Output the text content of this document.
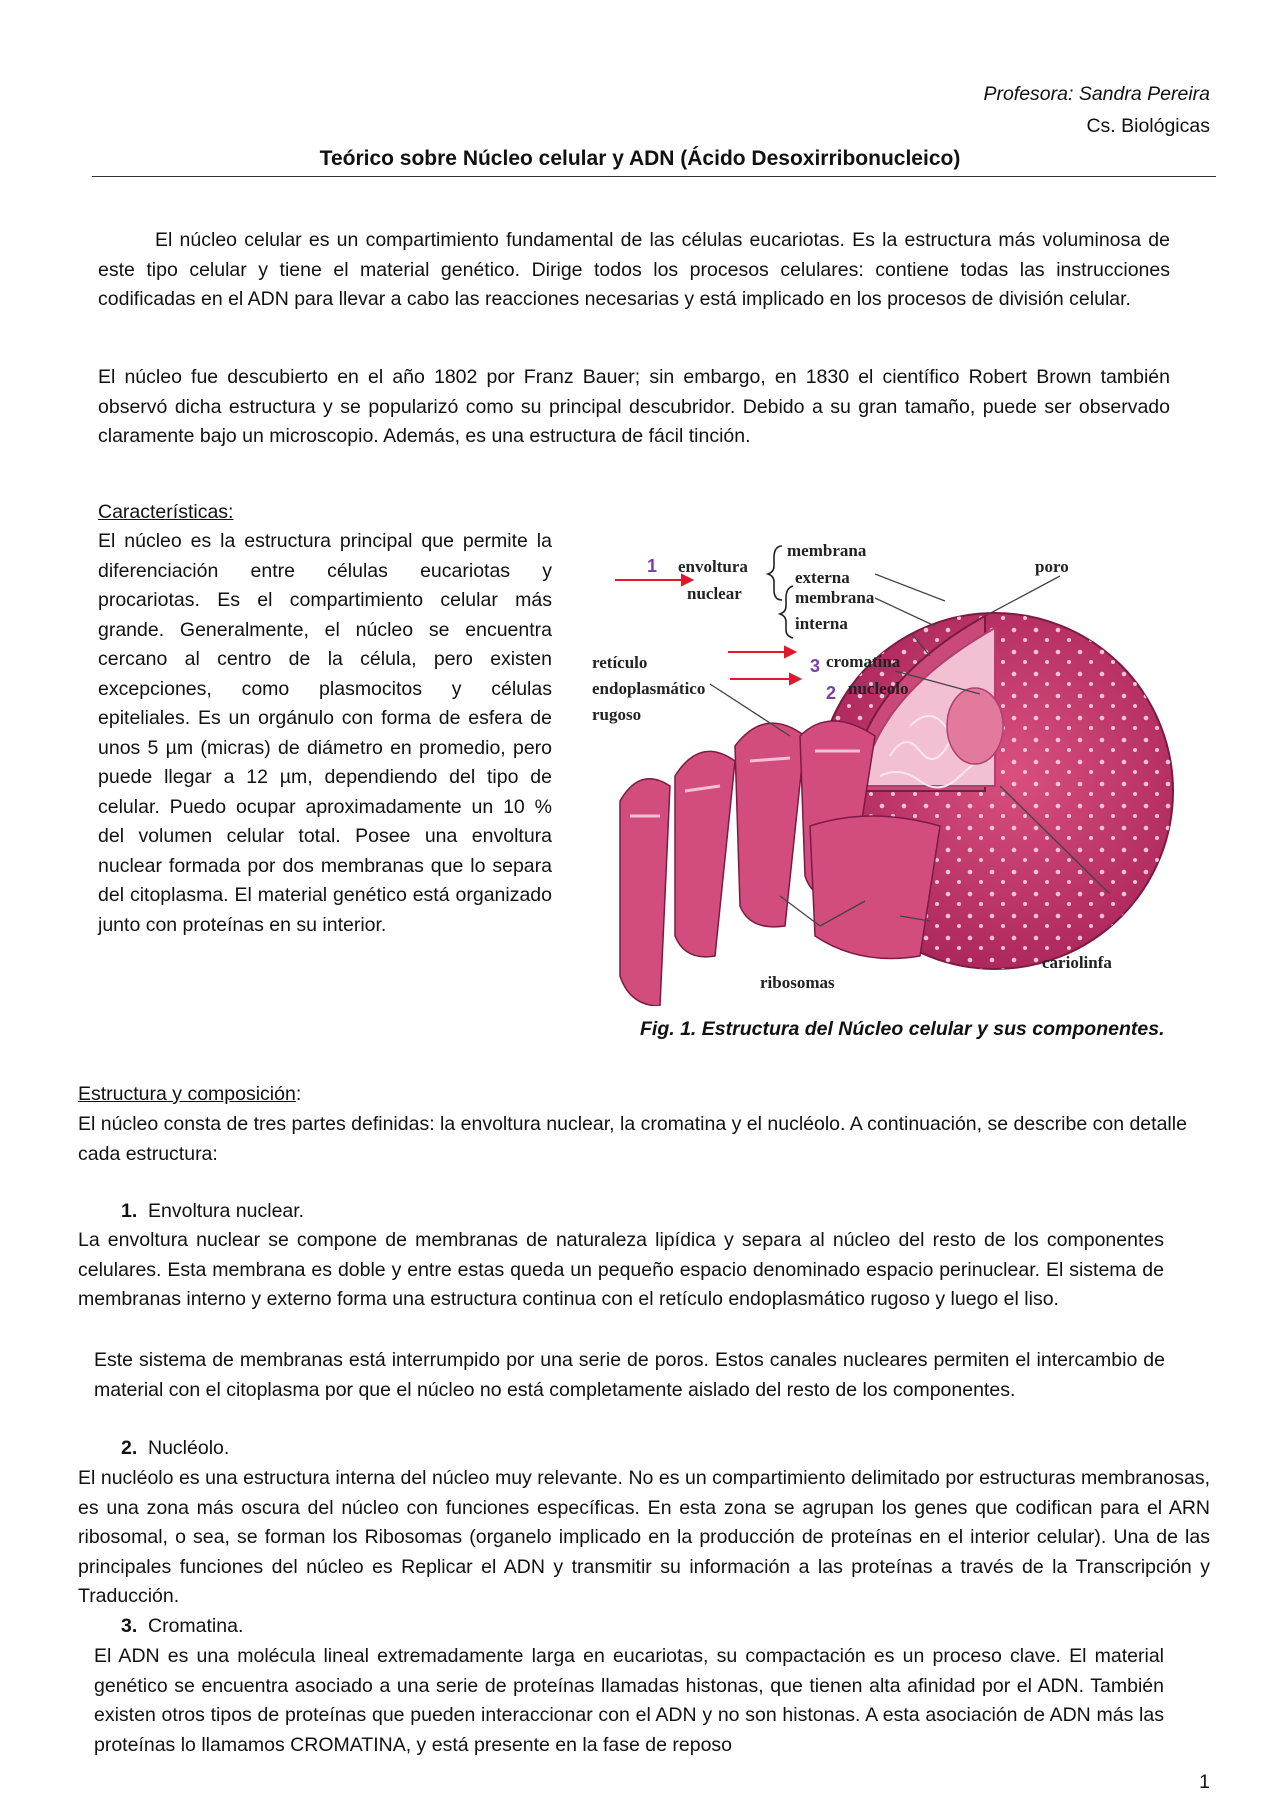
Profesora: Sandra Pereira
Cs. Biológicas
Teórico sobre Núcleo celular y ADN (Ácido Desoxirribonucleico)

El núcleo celular es un compartimiento fundamental de las células eucariotas. Es la estructura más voluminosa de este tipo celular y tiene el material genético. Dirige todos los procesos celulares: contiene todas las instrucciones codificadas en el ADN para llevar a cabo las reacciones necesarias y está implicado en los procesos de división celular.

El núcleo fue descubierto en el año 1802 por Franz Bauer; sin embargo, en 1830 el científico Robert Brown también observó dicha estructura y se popularizó como su principal descubridor. Debido a su gran tamaño, puede ser observado claramente bajo un microscopio. Además, es una estructura de fácil tinción.

Características:

El núcleo es la estructura principal que permite la diferenciación entre células eucariotas y procariotas. Es el compartimiento celular más grande. Generalmente, el núcleo se encuentra cercano al centro de la célula, pero existen excepciones, como plasmocitos y células epiteliales. Es un orgánulo con forma de esfera de unos 5 µm (micras) de diámetro en promedio, pero puede llegar a 12 µm, dependiendo del tipo de celular. Puedo ocupar aproximadamente un 10 % del volumen celular total. Posee una envoltura nuclear formada por dos membranas que lo separa del citoplasma. El material genético está organizado junto con proteínas en su interior.

1 envoltura
nuclear
membrana
externa
membrana
interna
poro
retículo
endoplasmático
rugoso
3 cromatina
2 nucleolo
ribosomas
cariolinfa
Fig. 1. Estructura del Núcleo celular y sus componentes.
Estructura y composición:

El núcleo consta de tres partes definidas: la envoltura nuclear, la cromatina y el nucléolo. A continuación, se describe con detalle cada estructura:

1. Envoltura nuclear.

La envoltura nuclear se compone de membranas de naturaleza lipídica y separa al núcleo del resto de los componentes celulares. Esta membrana es doble y entre estas queda un pequeño espacio denominado espacio perinuclear. El sistema de membranas interno y externo forma una estructura continua con el retículo endoplasmático rugoso y luego el liso.

Este sistema de membranas está interrumpido por una serie de poros. Estos canales nucleares permiten el intercambio de material con el citoplasma por que el núcleo no está completamente aislado del resto de los componentes.

2. Nucléolo.

El nucléolo es una estructura interna del núcleo muy relevante. No es un compartimiento delimitado por estructuras membranosas, es una zona más oscura del núcleo con funciones específicas. En esta zona se agrupan los genes que codifican para el ARN ribosomal, o sea, se forman los Ribosomas (organelo implicado en la producción de proteínas en el interior celular). Una de las principales funciones del núcleo es Replicar el ADN y transmitir su información a las proteínas a través de la Transcripción y Traducción.

3. Cromatina.

El ADN es una molécula lineal extremadamente larga en eucariotas, su compactación es un proceso clave. El material genético se encuentra asociado a una serie de proteínas llamadas histonas, que tienen alta afinidad por el ADN. También existen otros tipos de proteínas que pueden interaccionar con el ADN y no son histonas. A esta asociación de ADN más las proteínas lo llamamos CROMATINA, y está presente en la fase de reposo

1
